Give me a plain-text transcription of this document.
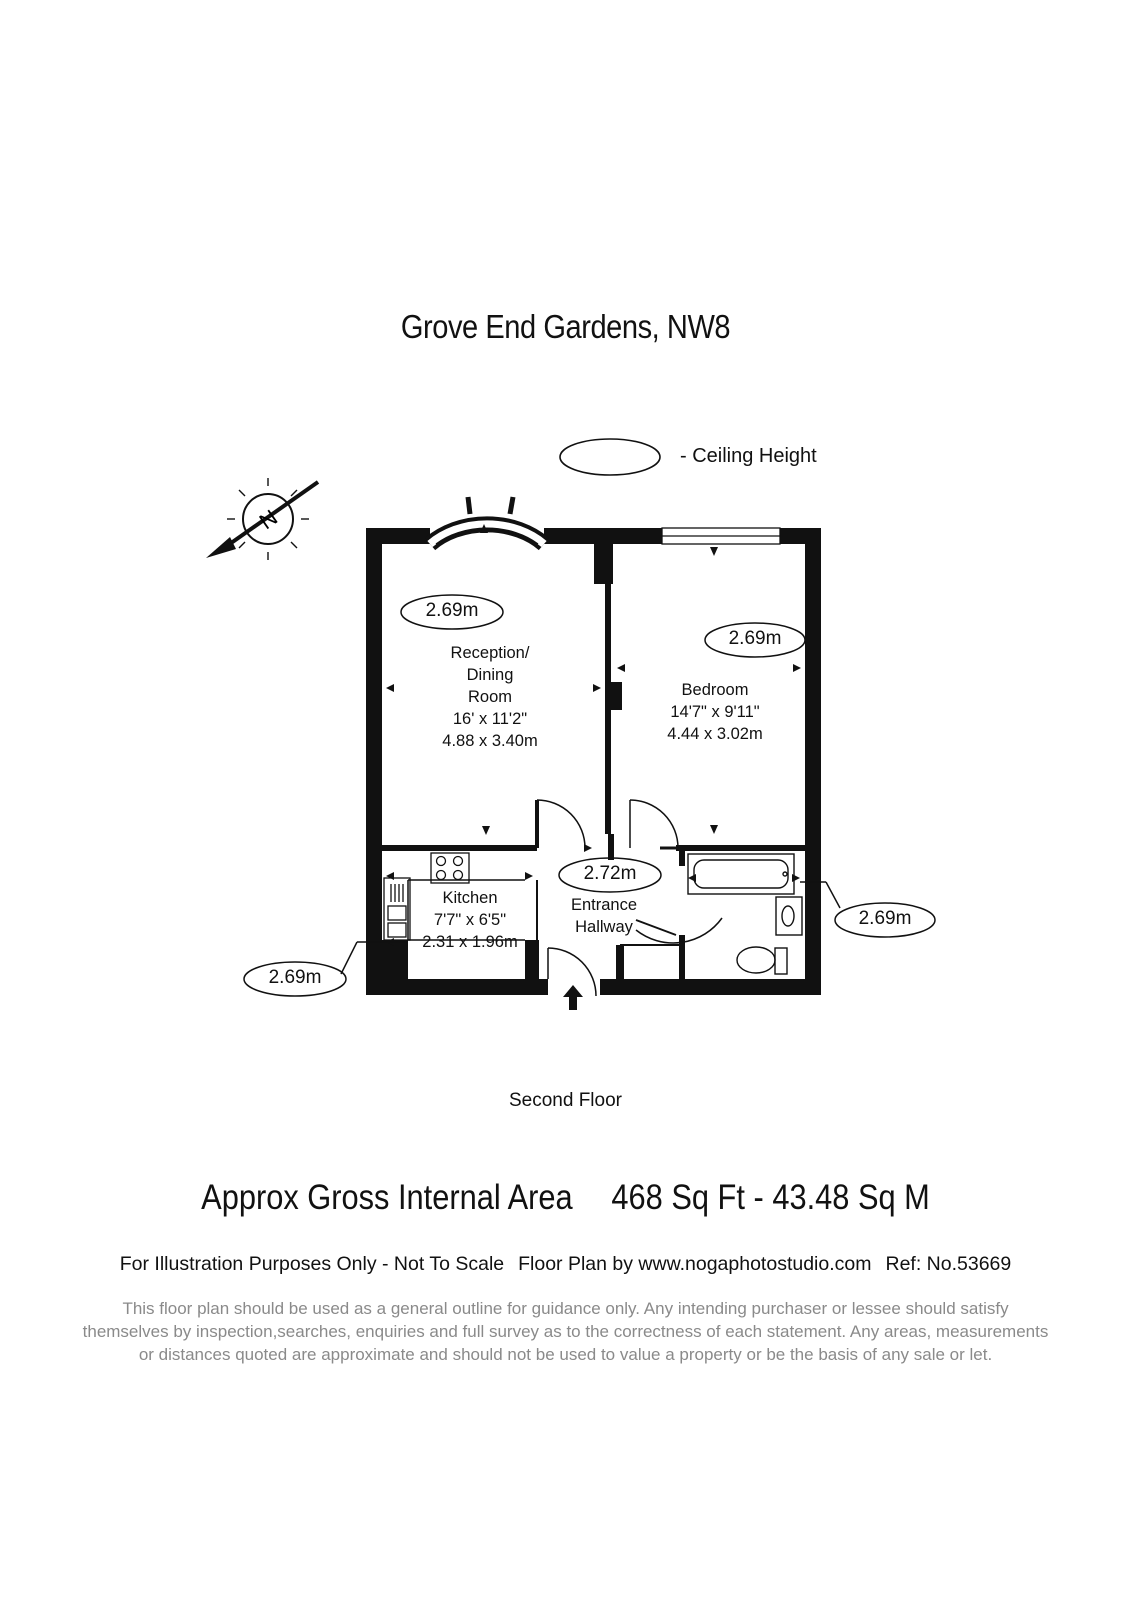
N
Grove End Gardens, NW8
- Ceiling Height
2.69m
2.69m
2.72m
2.69m
2.69m
Reception/
Dining
Room
16' x 11'2"
4.88 x 3.40m
Bedroom
14'7" x 9'11"
4.44 x 3.02m
Kitchen
7'7" x 6'5"
2.31 x 1.96m
Entrance
Hallway
Second Floor
Approx Gross Internal Area 468 Sq Ft - 43.48 Sq M
For Illustration Purposes Only - Not To Scale Floor Plan by www.nogaphotostudio.com Ref: No.53669
This floor plan should be used as a general outline for guidance only. Any intending purchaser or lessee should satisfy
themselves by inspection,searches, enquiries and full survey as to the correctness of each statement. Any areas, measurements
or distances quoted are approximate and should not be used to value a property or be the basis of any sale or let.
